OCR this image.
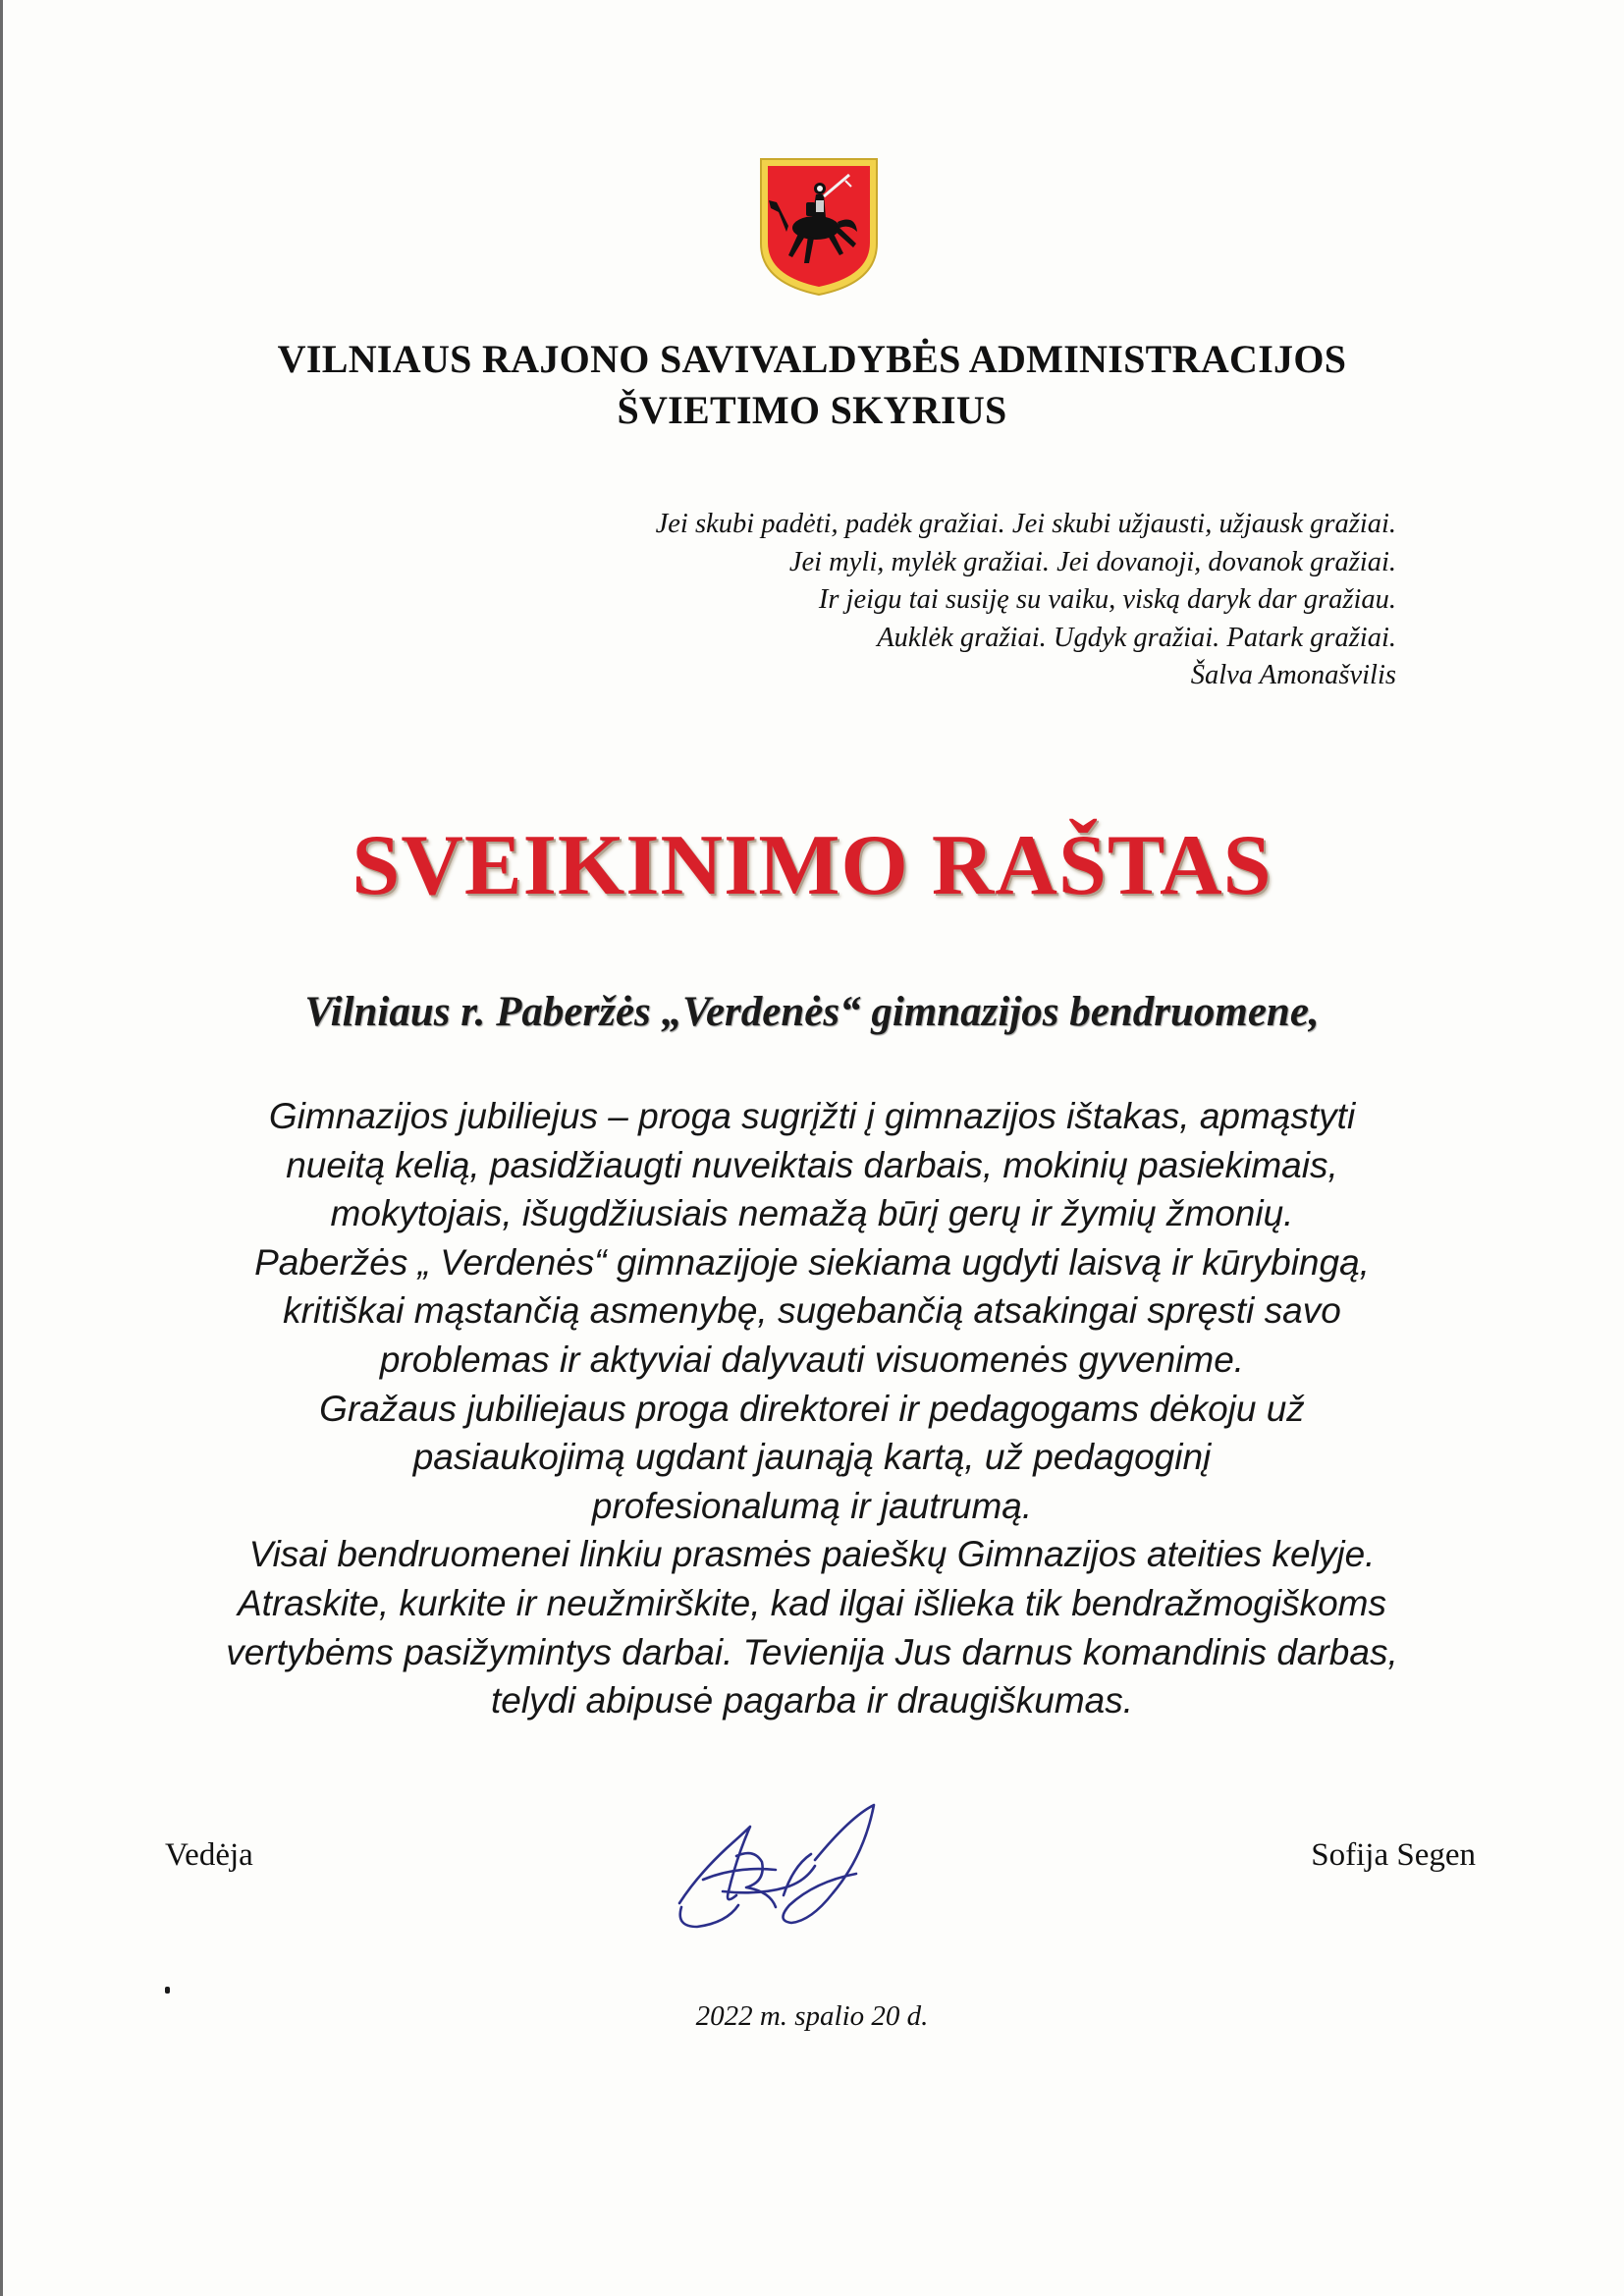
VILNIAUS RAJONO SAVIVALDYBĖS ADMINISTRACIJOS
ŠVIETIMO SKYRIUS
Jei skubi padėti, padėk gražiai. Jei skubi užjausti, užjausk gražiai.
Jei myli, mylėk gražiai. Jei dovanoji, dovanok gražiai.
Ir jeigu tai susiję su vaiku, viską daryk dar gražiau.
Auklėk gražiai. Ugdyk gražiai. Patark gražiai.
Šalva Amonašvilis
SVEIKINIMO RAŠTAS
Vilniaus r. Paberžės „Verdenės“ gimnazijos bendruomene,
Gimnazijos jubiliejus – proga sugrįžti į gimnazijos ištakas, apmąstyti
nueitą kelią, pasidžiaugti nuveiktais darbais, mokinių pasiekimais,
mokytojais, išugdžiusiais nemažą būrį gerų ir žymių žmonių.
Paberžės „ Verdenės“ gimnazijoje siekiama ugdyti laisvą ir kūrybingą,
kritiškai mąstančią asmenybę, sugebančią atsakingai spręsti savo
problemas ir aktyviai dalyvauti visuomenės gyvenime.
Gražaus jubiliejaus proga direktorei ir pedagogams dėkoju už
pasiaukojimą ugdant jaunąją kartą, už pedagoginį
profesionalumą ir jautrumą.
Visai bendruomenei linkiu prasmės paieškų Gimnazijos ateities kelyje.
Atraskite, kurkite ir neužmirškite, kad ilgai išlieka tik bendražmogiškoms
vertybėms pasižymintys darbai. Tevienija Jus darnus komandinis darbas,
telydi abipusė pagarba ir draugiškumas.
Vedėja	Sofija Segen
2022 m. spalio 20 d.
